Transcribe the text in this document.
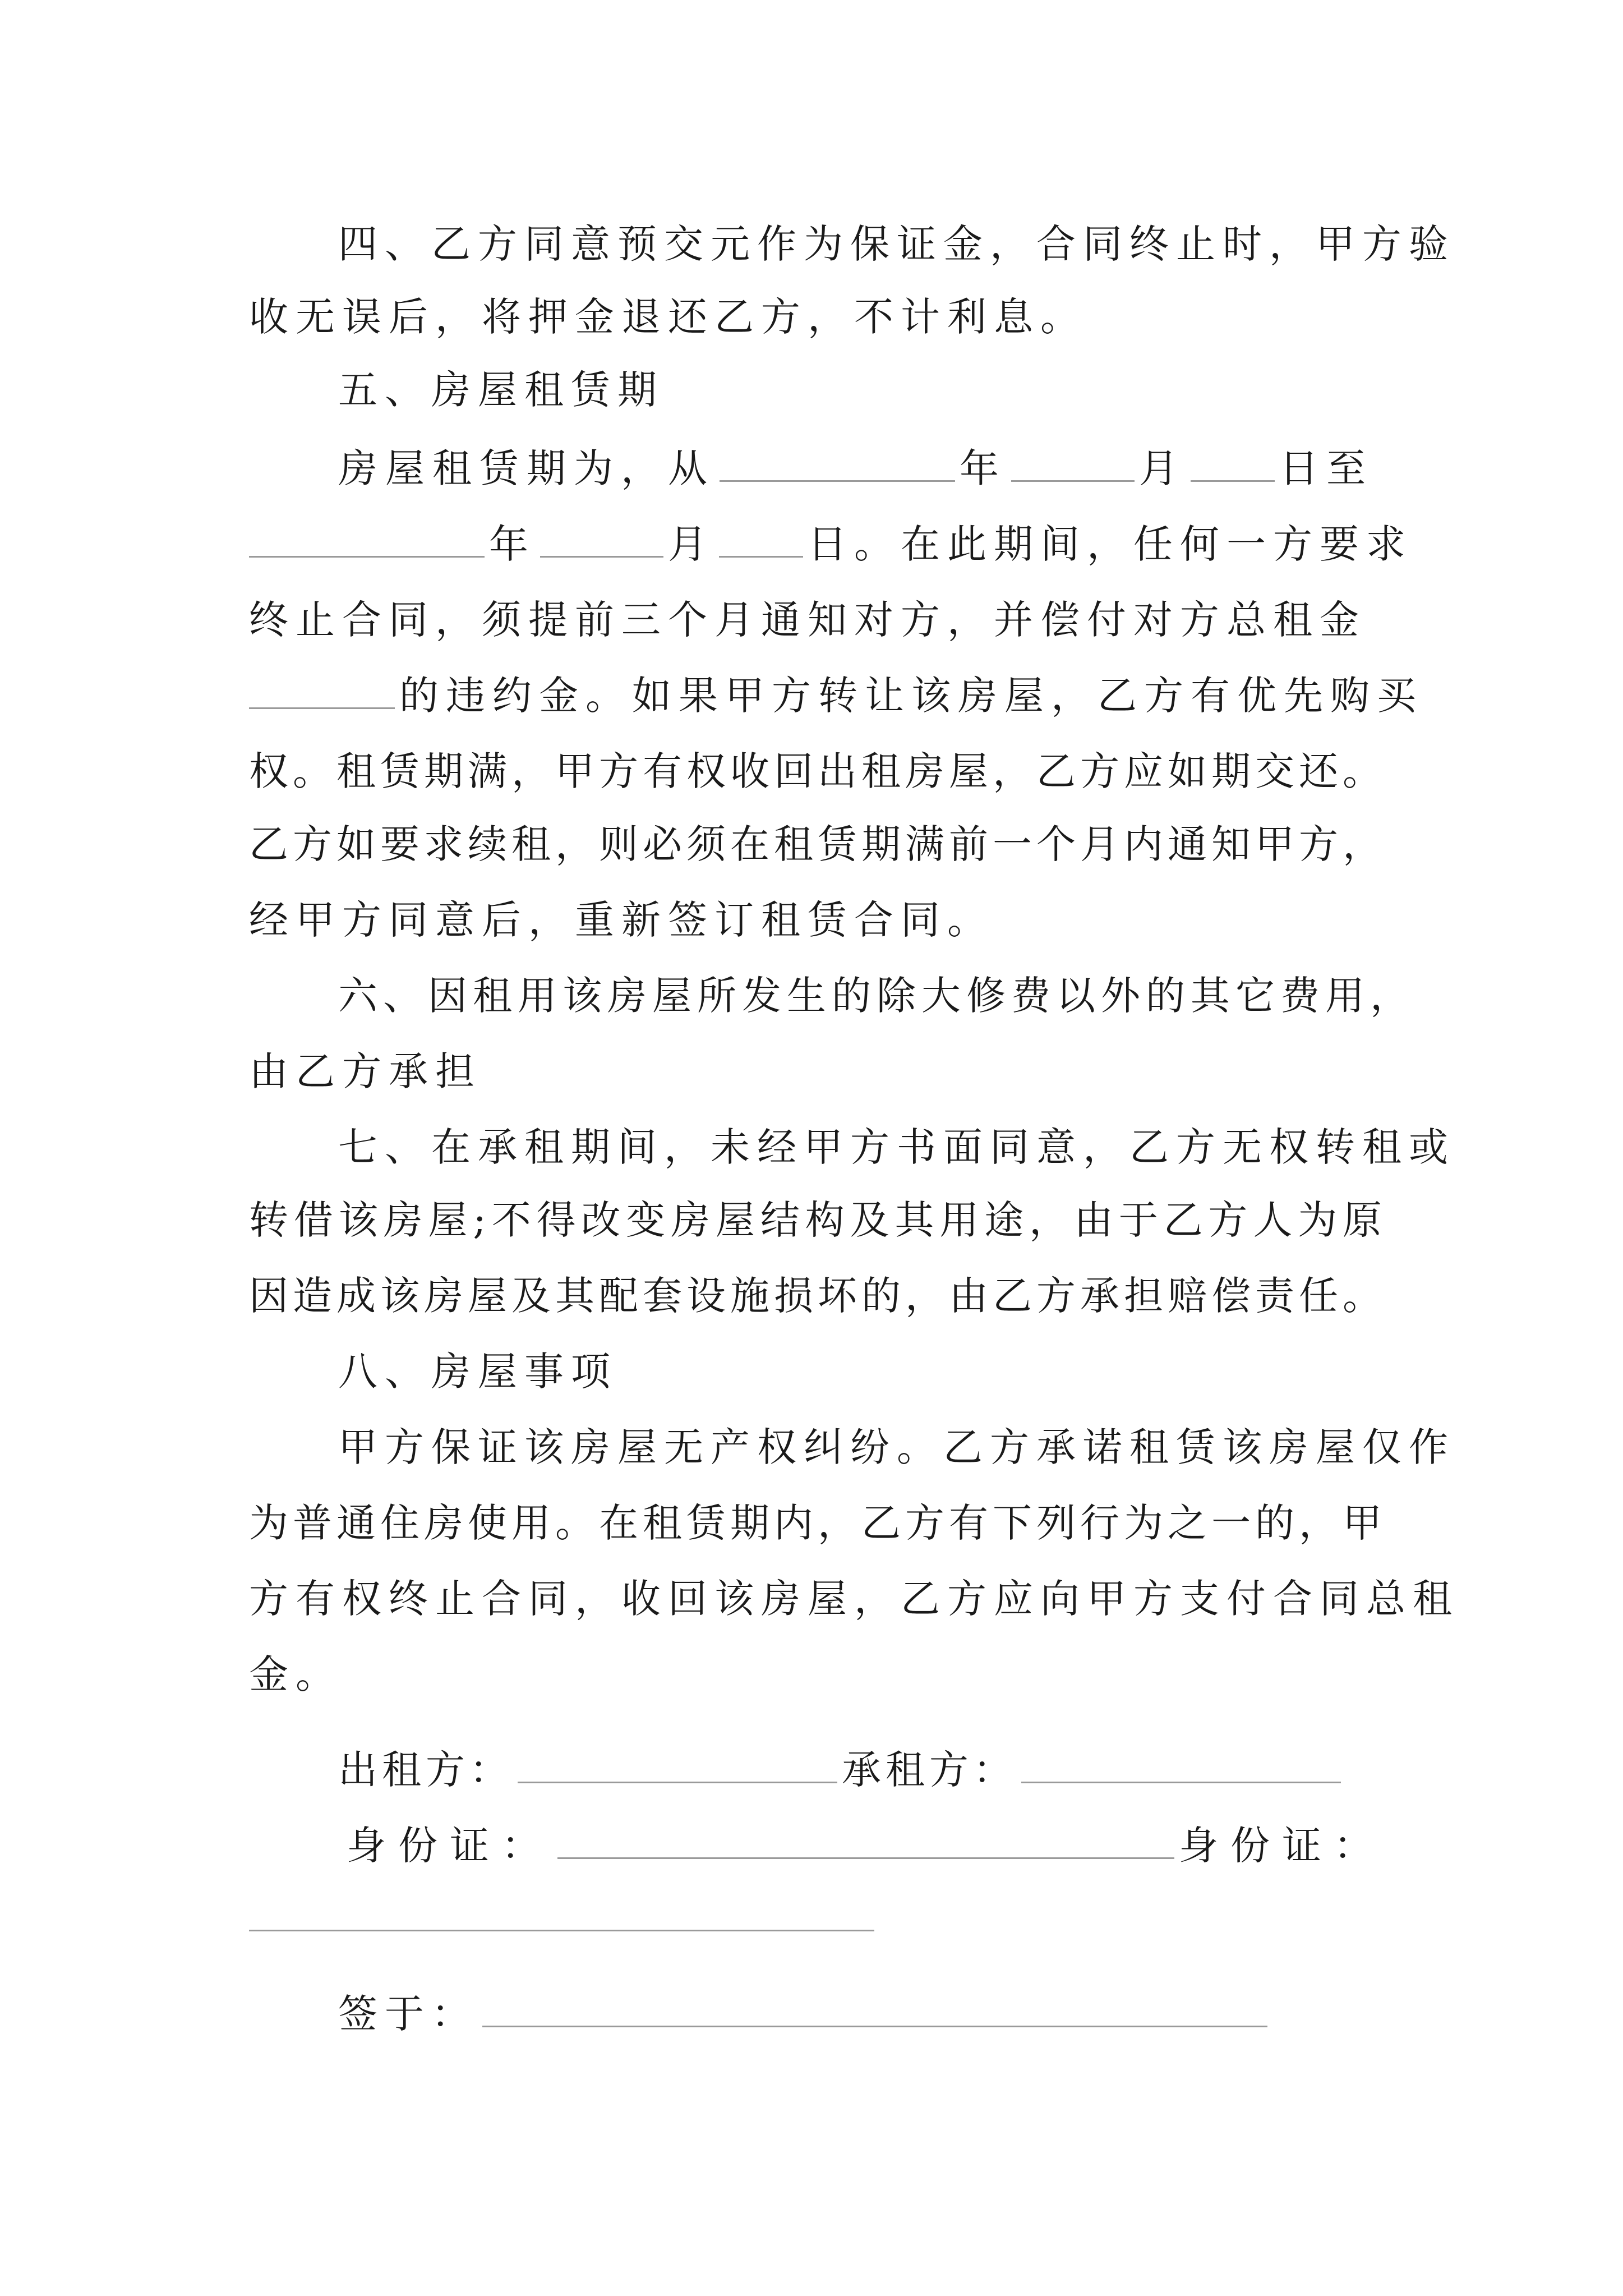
四、乙方同意预交元作为保证金，合同终止时，甲方验
收无误后，将押金退还乙方，不计利息。
五、房屋租赁期
房屋租赁期为，从	年	月 日至
年	月 日。在此期间，任何一方要求
终止合同，须提前三个月通知对方，并偿付对方总租金
的违约金。如果甲方转让该房屋，乙方有优先购买
权。租赁期满，甲方有权收回出租房屋，乙方应如期交还。
乙方如要求续租，则必须在租赁期满前一个月内通知甲方，
经甲方同意后，重新签订租赁合同。
六、因租用该房屋所发生的除大修费以外的其它费用，
由乙方承担
七、在承租期间，未经甲方书面同意，乙方无权转租或
转借该房屋;不得改变房屋结构及其用途，由于乙方人为原
因造成该房屋及其配套设施损坏的，由乙方承担赔偿责任。
八、房屋事项
甲方保证该房屋无产权纠纷。乙方承诺租赁该房屋仅作
为普通住房使用。在租赁期内，乙方有下列行为之一的，甲
方有权终止合同，收回该房屋，乙方应向甲方支付合同总租
金。
出租方：	承租方：
身份证：	身份证：
签于：
